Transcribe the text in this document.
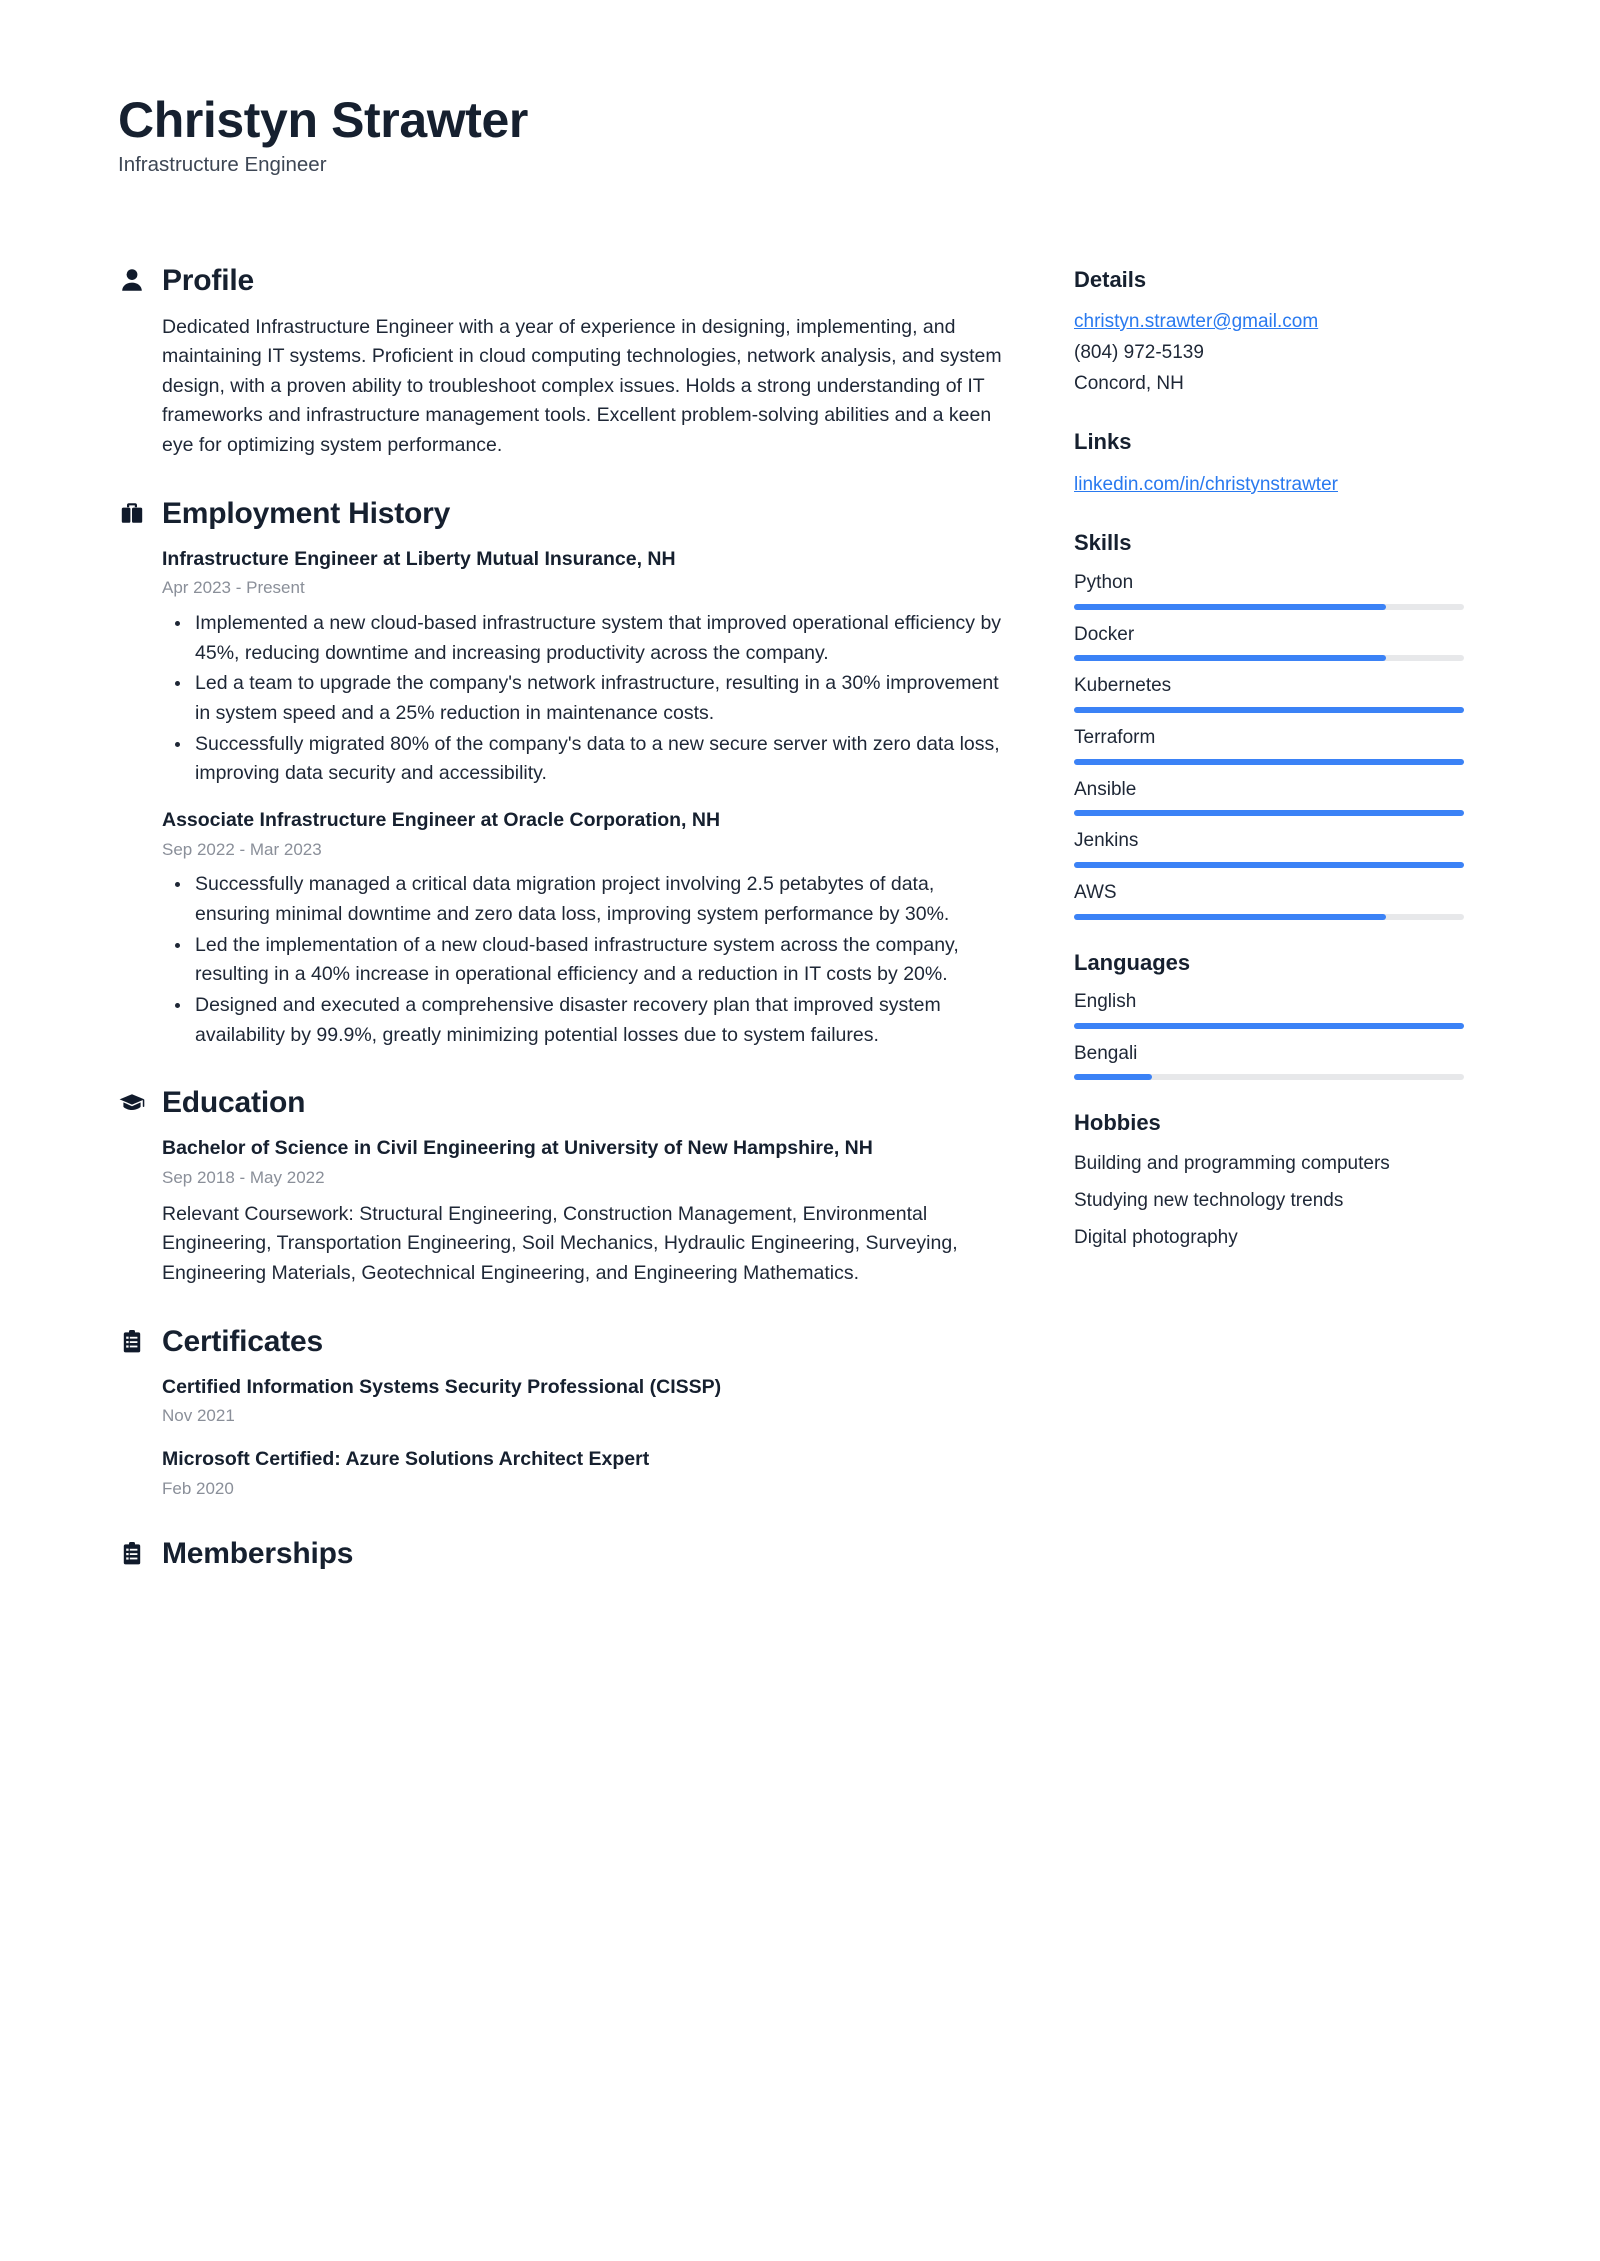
Christyn Strawter
Infrastructure Engineer
Profile
Dedicated Infrastructure Engineer with a year of experience in designing, implementing, and maintaining IT systems. Proficient in cloud computing technologies, network analysis, and system design, with a proven ability to troubleshoot complex issues. Holds a strong understanding of IT frameworks and infrastructure management tools. Excellent problem-solving abilities and a keen eye for optimizing system performance.
Employment History
Infrastructure Engineer at Liberty Mutual Insurance, NH
Apr 2023 - Present
Implemented a new cloud-based infrastructure system that improved operational efficiency by 45%, reducing downtime and increasing productivity across the company.
Led a team to upgrade the company's network infrastructure, resulting in a 30% improvement in system speed and a 25% reduction in maintenance costs.
Successfully migrated 80% of the company's data to a new secure server with zero data loss, improving data security and accessibility.
Associate Infrastructure Engineer at Oracle Corporation, NH
Sep 2022 - Mar 2023
Successfully managed a critical data migration project involving 2.5 petabytes of data, ensuring minimal downtime and zero data loss, improving system performance by 30%.
Led the implementation of a new cloud-based infrastructure system across the company, resulting in a 40% increase in operational efficiency and a reduction in IT costs by 20%.
Designed and executed a comprehensive disaster recovery plan that improved system availability by 99.9%, greatly minimizing potential losses due to system failures.
Education
Bachelor of Science in Civil Engineering at University of New Hampshire, NH
Sep 2018 - May 2022
Relevant Coursework: Structural Engineering, Construction Management, Environmental Engineering, Transportation Engineering, Soil Mechanics, Hydraulic Engineering, Surveying, Engineering Materials, Geotechnical Engineering, and Engineering Mathematics.
Certificates
Certified Information Systems Security Professional (CISSP)
Nov 2021
Microsoft Certified: Azure Solutions Architect Expert
Feb 2020
Memberships
Details
christyn.strawter@gmail.com
(804) 972-5139
Concord, NH
Links
linkedin.com/in/christynstrawter
Skills
Python
Docker
Kubernetes
Terraform
Ansible
Jenkins
AWS
Languages
English
Bengali
Hobbies
Building and programming computers
Studying new technology trends
Digital photography
